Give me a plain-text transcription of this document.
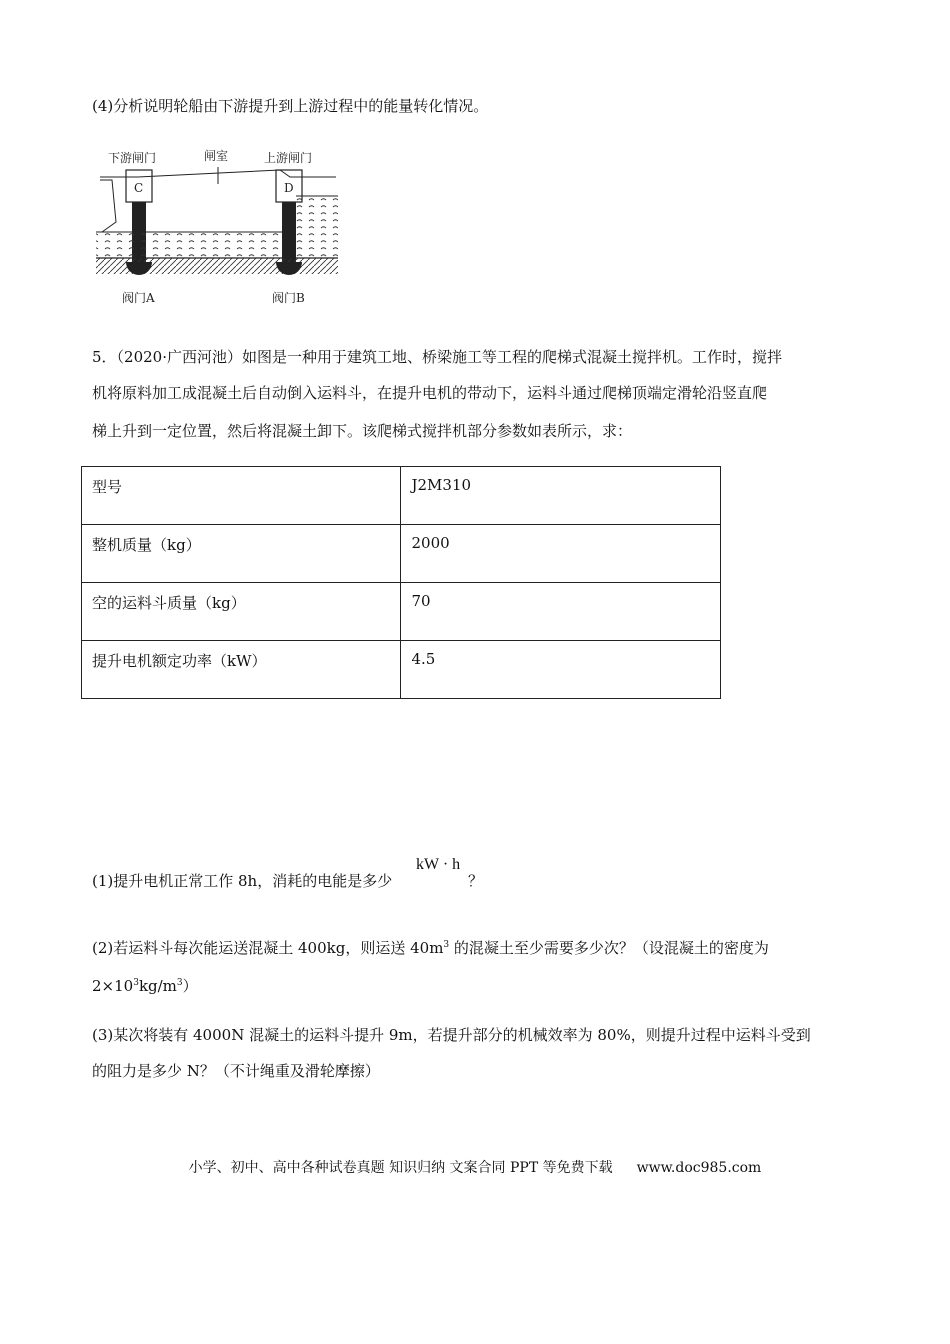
(4)分析说明轮船由下游提升到上游过程中的能量转化情况。
下游闸门	闸室	上游闸门
C	D
阀门A	阀门B
5．（2020·广西河池）如图是一种用于建筑工地、桥梁施工等工程的爬梯式混凝土搅拌机。工作时，搅拌
机将原料加工成混凝土后自动倒入运料斗，在提升电机的带动下，运料斗通过爬梯顶端定滑轮沿竖直爬
梯上升到一定位置，然后将混凝土卸下。该爬梯式搅拌机部分参数如表所示，求：
型号	J2M310
整机质量（kg）	2000
空的运料斗质量（kg）	70
提升电机额定功率（kW）	4.5
(1)提升电机正常工作 8h，消耗的电能是多少
kW · h
？
(2)若运料斗每次能运送混凝土 400kg，则运送 $40m^3$ 的混凝土至少需要多少次？（设混凝土的密度为
$2\times 10^3kg/m^3$）
(3)某次将装有 4000N 混凝土的运料斗提升 9m，若提升部分的机械效率为 80%，则提升过程中运料斗受到
的阻力是多少 N？（不计绳重及滑轮摩擦）
小学、初中、高中各种试卷真题 知识归纳 文案合同 PPT 等免费下载 www.doc985.com
